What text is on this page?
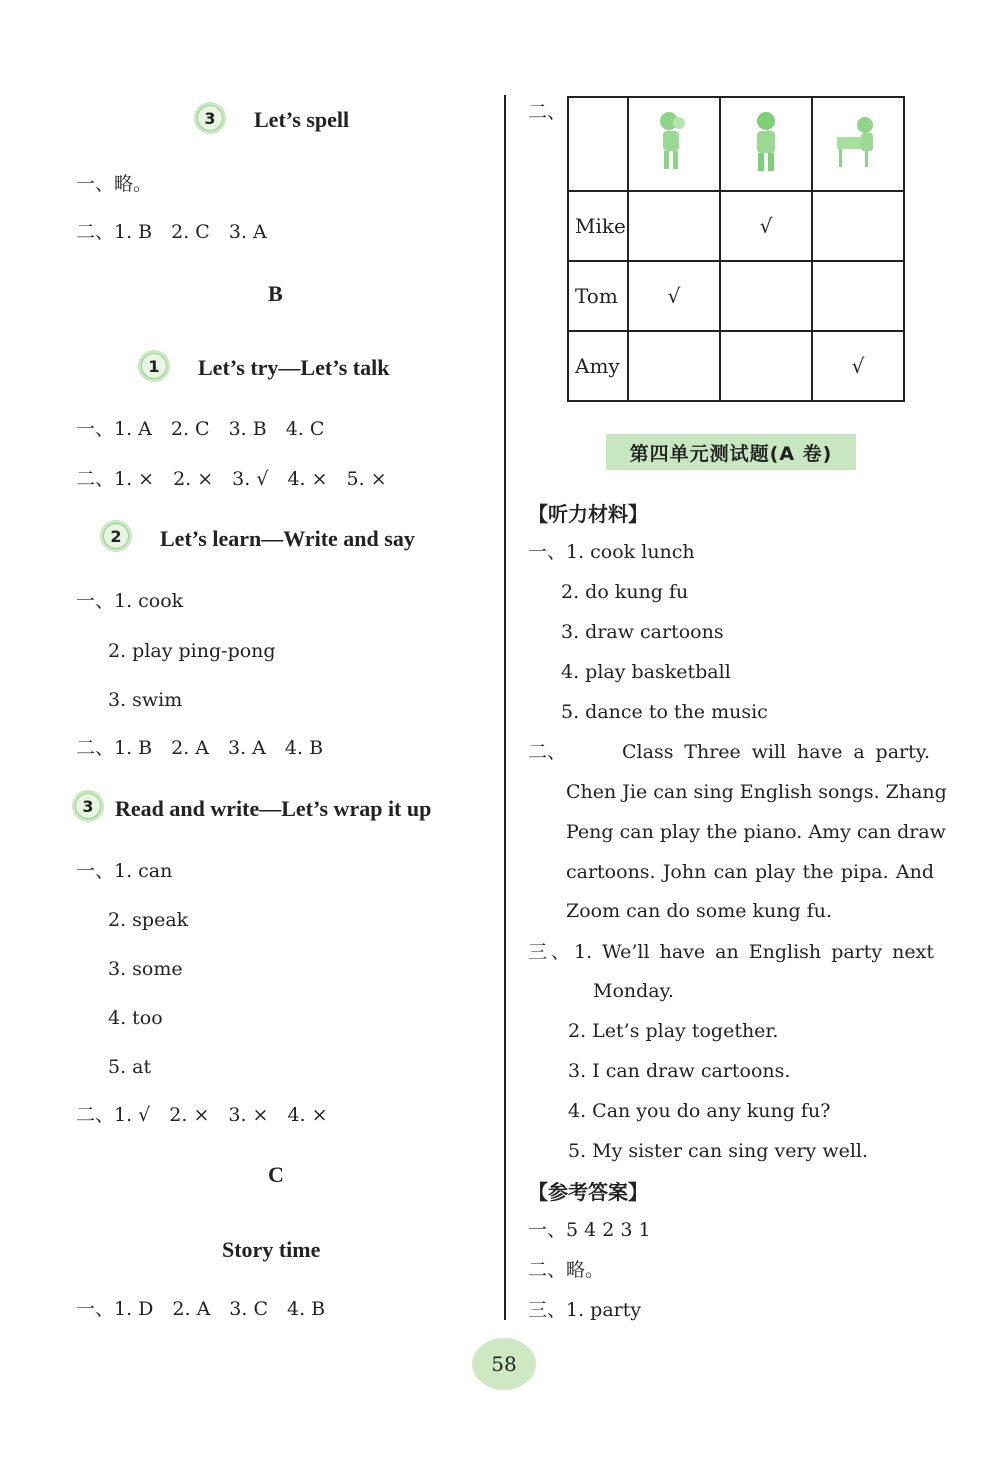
3	Let’s spell
一、略。
二、1. B　2. C　3. A
B
1	Let’s try—Let’s talk
一、1. A　2. C　3. B　4. C
二、1. ×　2. ×　3. √　4. ×　5. ×
2	Let’s learn—Write and say
一、1. cook
2. play ping-pong
3. swim
二、1. B　2. A　3. A　4. B
3 Read and write—Let’s wrap it up
一、1. can
2. speak
3. some
4. too
5. at
二、1. √　2. ×　3. ×　4. ×
C
Story time
一、1. D　2. A　3. C　4. B
二、

Mike		√	
Tom	√		
Amy			√
第四单元测试题(A 卷)
【听力材料】
一、1. cook lunch
2. do kung fu
3. draw cartoons
4. play basketball
5. dance to the music
二、	Class Three will have a party.
Chen Jie can sing English songs. Zhang
Peng can play the piano. Amy can draw
cartoons. John can play the pipa. And
Zoom can do some kung fu.
三、1. We’ll have an English party next
Monday.
2. Let’s play together.
3. I can draw cartoons.
4. Can you do any kung fu?
5. My sister can sing very well.
【参考答案】
一、5 4 2 3 1
二、略。
三、1. party
58
